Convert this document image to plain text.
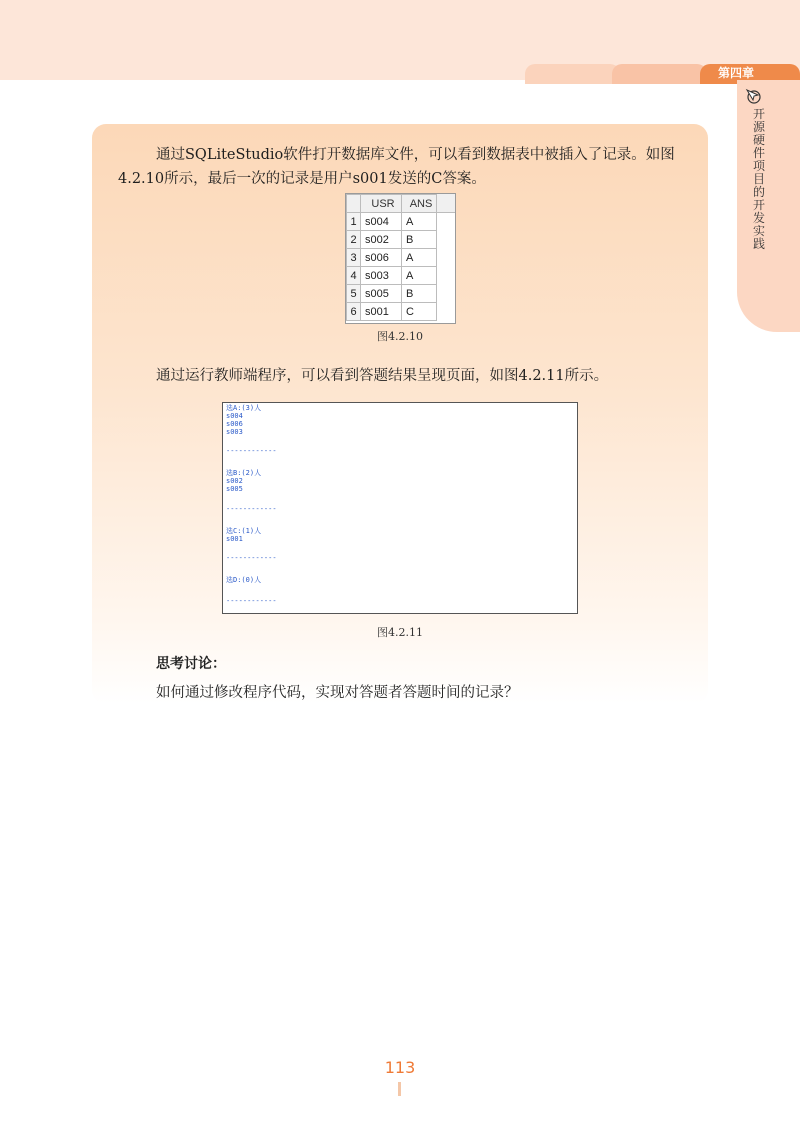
第四章
开源硬件项目的开发实践
通过SQLiteStudio软件打开数据库文件，可以看到数据表中被插入了记录。如图4.2.10所示，最后一次的记录是用户s001发送的C答案。
	USR	ANS
1	s004	A
2	s002	B
3	s006	A
4	s003	A
5	s005	B
6	s001	C
图4.2.10
通过运行教师端程序，可以看到答题结果呈现页面，如图4.2.11所示。
选A:(3)人
s004
s006
s003
------------
选B:(2)人
s002
s005
------------
选C:(1)人
s001
------------
选D:(0)人
------------
图4.2.11
思考讨论：
如何通过修改程序代码，实现对答题者答题时间的记录？
113
